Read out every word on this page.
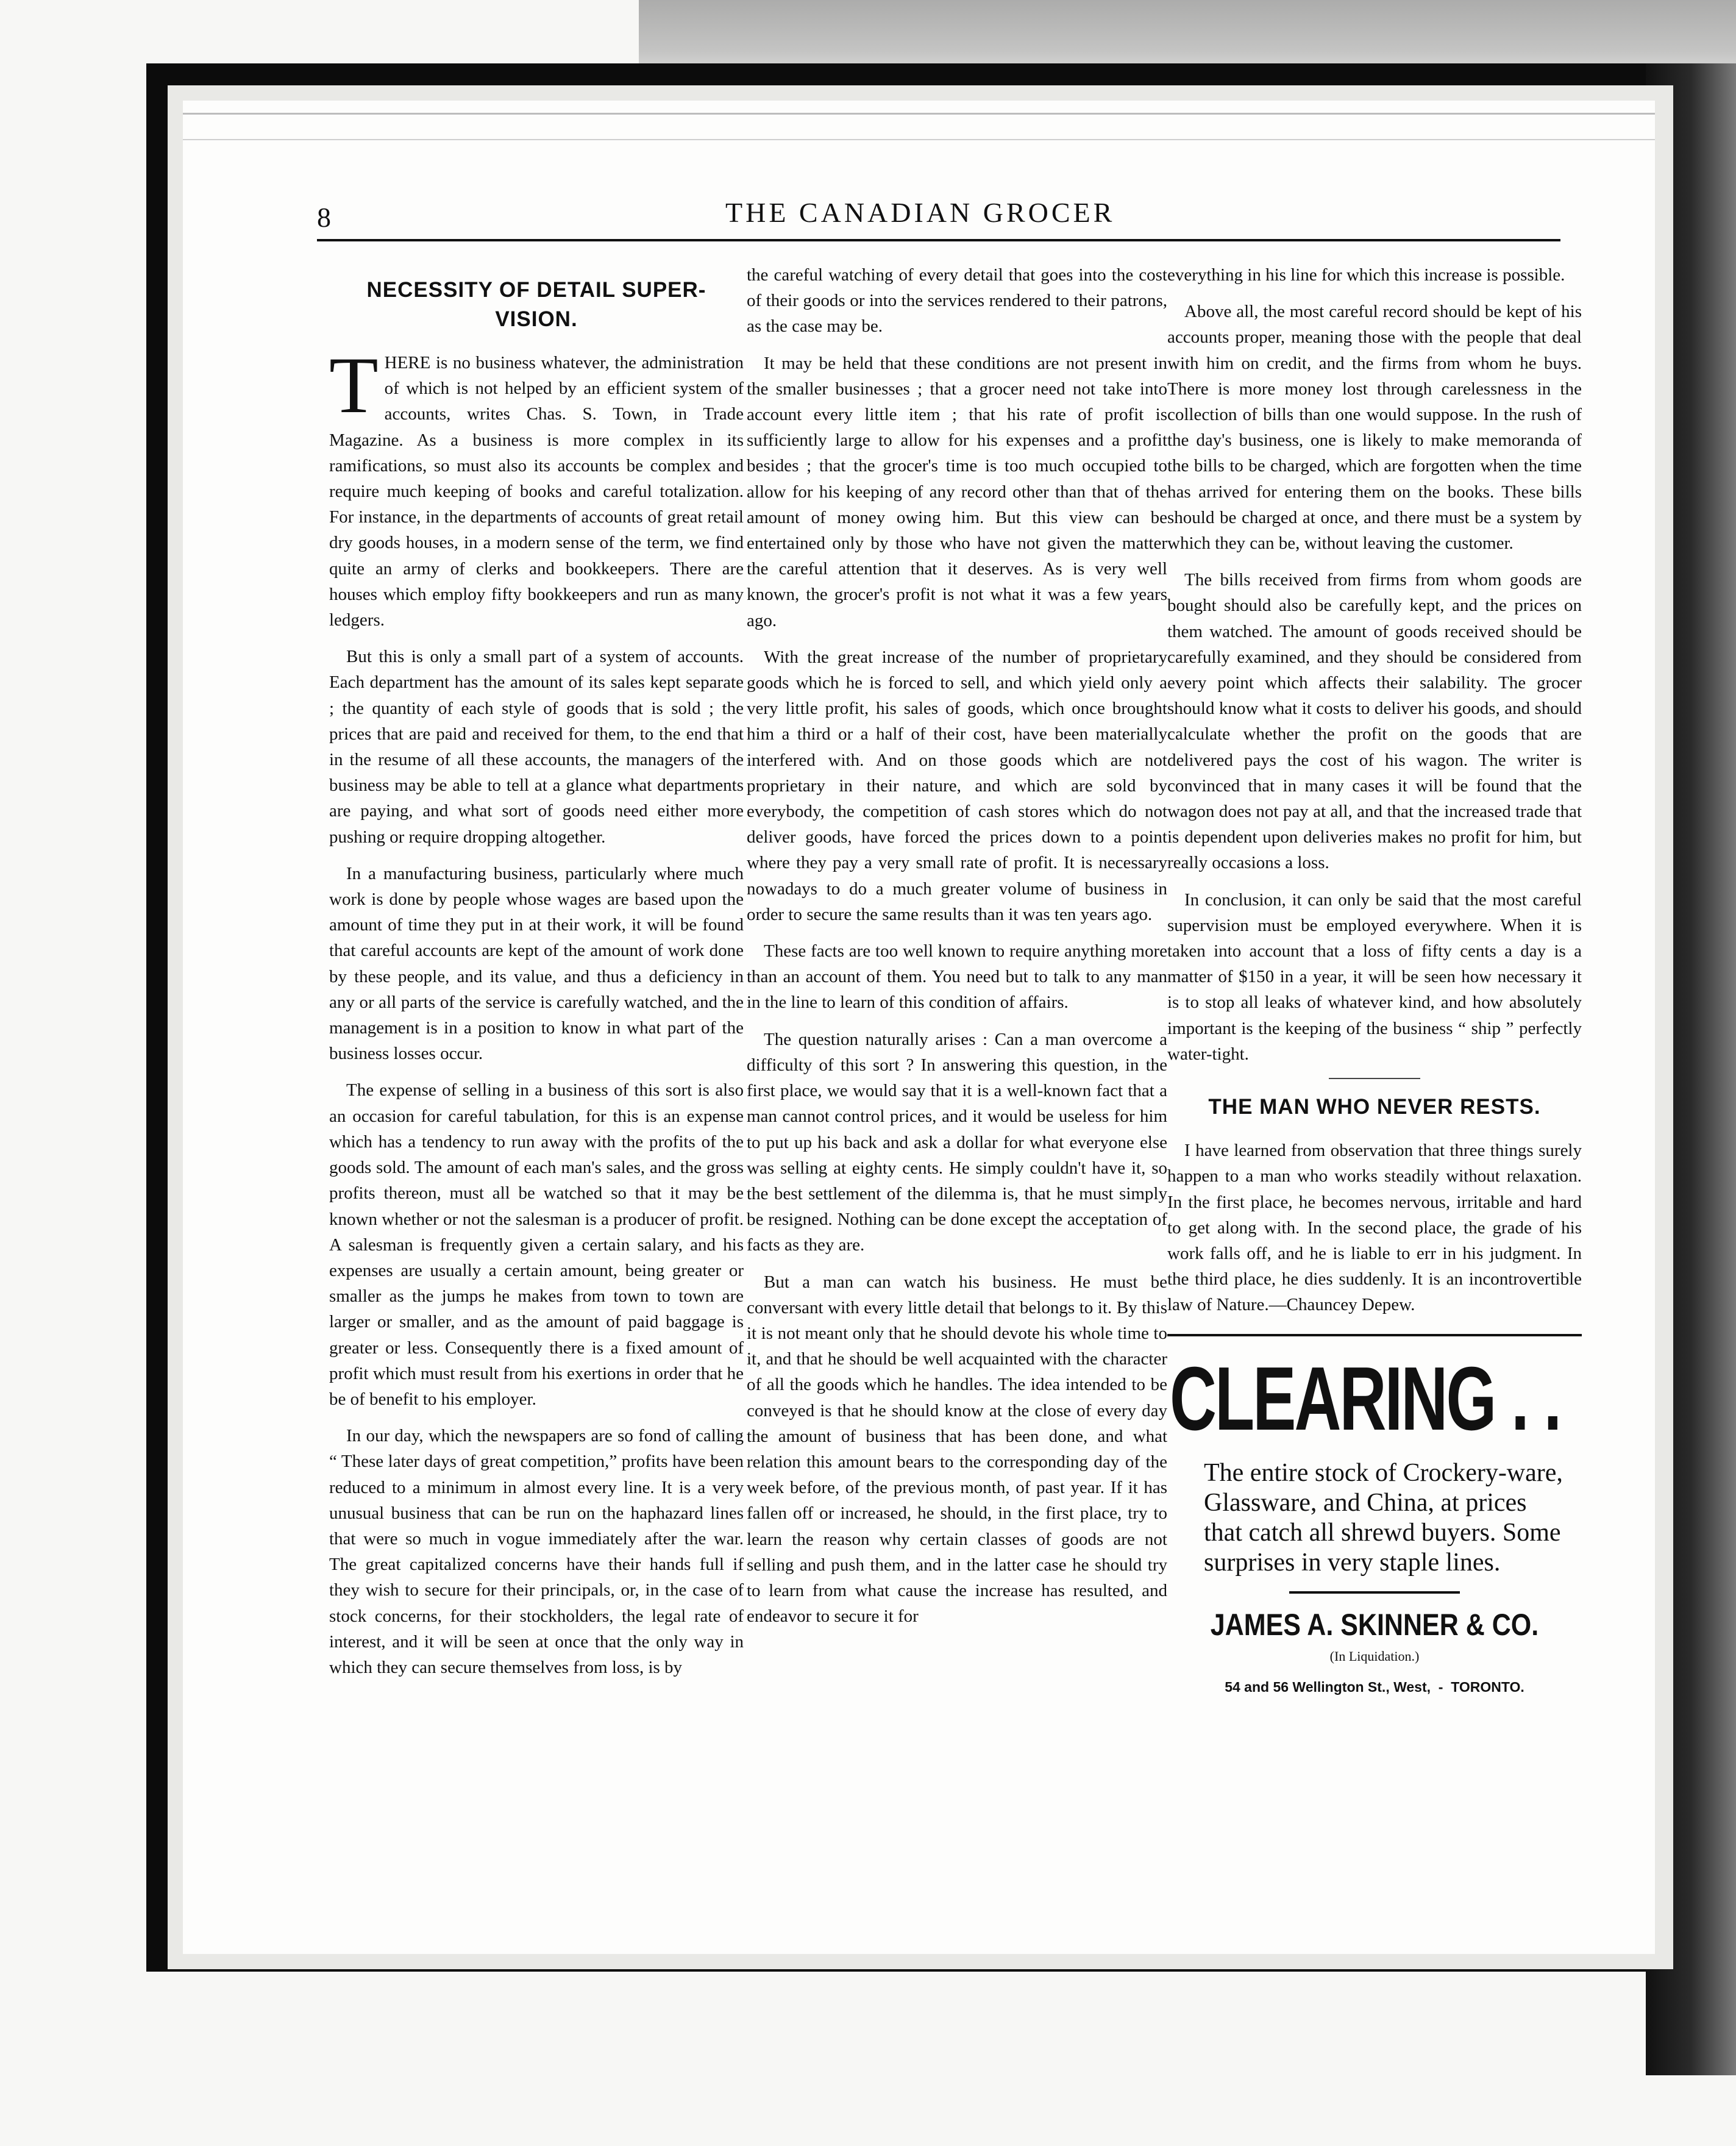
8	THE CANADIAN GROCER
NECESSITY OF DETAIL SUPER-VISION.

THERE is no business whatever, the administration of which is not helped by an efficient system of accounts, writes Chas. S. Town, in Trade Magazine. As a business is more complex in its ramifications, so must also its accounts be complex and require much keeping of books and careful totalization. For instance, in the departments of accounts of great retail dry goods houses, in a modern sense of the term, we find quite an army of clerks and bookkeepers. There are houses which employ fifty bookkeepers and run as many ledgers.

But this is only a small part of a system of accounts. Each department has the amount of its sales kept separate ; the quantity of each style of goods that is sold ; the prices that are paid and received for them, to the end that in the resume of all these accounts, the managers of the business may be able to tell at a glance what departments are paying, and what sort of goods need either more pushing or require dropping altogether.

In a manufacturing business, particularly where much work is done by people whose wages are based upon the amount of time they put in at their work, it will be found that careful accounts are kept of the amount of work done by these people, and its value, and thus a deficiency in any or all parts of the service is carefully watched, and the management is in a position to know in what part of the business losses occur.

The expense of selling in a business of this sort is also an occasion for careful tabulation, for this is an expense which has a tendency to run away with the profits of the goods sold. The amount of each man's sales, and the gross profits thereon, must all be watched so that it may be known whether or not the salesman is a producer of profit. A salesman is frequently given a certain salary, and his expenses are usually a certain amount, being greater or smaller as the jumps he makes from town to town are larger or smaller, and as the amount of paid baggage is greater or less. Consequently there is a fixed amount of profit which must result from his exertions in order that he be of benefit to his employer.

In our day, which the newspapers are so fond of calling “ These later days of great competition,” profits have been reduced to a minimum in almost every line. It is a very unusual business that can be run on the haphazard lines that were so much in vogue immediately after the war. The great capitalized concerns have their hands full if they wish to secure for their principals, or, in the case of stock concerns, for their stockholders, the legal rate of interest, and it will be seen at once that the only way in which they can secure themselves from loss, is by

the careful watching of every detail that goes into the cost of their goods or into the services rendered to their patrons, as the case may be.

It may be held that these conditions are not present in the smaller businesses ; that a grocer need not take into account every little item ; that his rate of profit is sufficiently large to allow for his expenses and a profit besides ; that the grocer's time is too much occupied to allow for his keeping of any record other than that of the amount of money owing him. But this view can be entertained only by those who have not given the matter the careful attention that it deserves. As is very well known, the grocer's profit is not what it was a few years ago.

With the great increase of the number of proprietary goods which he is forced to sell, and which yield only a very little profit, his sales of goods, which once brought him a third or a half of their cost, have been materially interfered with. And on those goods which are not proprietary in their nature, and which are sold by everybody, the competition of cash stores which do not deliver goods, have forced the prices down to a point where they pay a very small rate of profit. It is necessary nowadays to do a much greater volume of business in order to secure the same results than it was ten years ago.

These facts are too well known to require anything more than an account of them. You need but to talk to any man in the line to learn of this condition of affairs.

The question naturally arises : Can a man overcome a difficulty of this sort ? In answering this question, in the first place, we would say that it is a well-known fact that a man cannot control prices, and it would be useless for him to put up his back and ask a dollar for what everyone else was selling at eighty cents. He simply couldn't have it, so the best settlement of the dilemma is, that he must simply be resigned. Nothing can be done except the acceptation of facts as they are.

But a man can watch his business. He must be conversant with every little detail that belongs to it. By this it is not meant only that he should devote his whole time to it, and that he should be well acquainted with the character of all the goods which he handles. The idea intended to be conveyed is that he should know at the close of every day the amount of business that has been done, and what relation this amount bears to the corresponding day of the week before, of the previous month, of past year. If it has fallen off or increased, he should, in the first place, try to learn the reason why certain classes of goods are not selling and push them, and in the latter case he should try to learn from what cause the increase has resulted, and endeavor to secure it for

everything in his line for which this increase is possible.

Above all, the most careful record should be kept of his accounts proper, meaning those with the people that deal with him on credit, and the firms from whom he buys. There is more money lost through carelessness in the collection of bills than one would suppose. In the rush of the day's business, one is likely to make memoranda of the bills to be charged, which are forgotten when the time has arrived for entering them on the books. These bills should be charged at once, and there must be a system by which they can be, without leaving the customer.

The bills received from firms from whom goods are bought should also be carefully kept, and the prices on them watched. The amount of goods received should be carefully examined, and they should be considered from every point which affects their salability. The grocer should know what it costs to deliver his goods, and should calculate whether the profit on the goods that are delivered pays the cost of his wagon. The writer is convinced that in many cases it will be found that the wagon does not pay at all, and that the increased trade that is dependent upon deliveries makes no profit for him, but really occasions a loss.

In conclusion, it can only be said that the most careful supervision must be employed everywhere. When it is taken into account that a loss of fifty cents a day is a matter of $150 in a year, it will be seen how necessary it is to stop all leaks of whatever kind, and how absolutely important is the keeping of the business “ ship ” perfectly water-tight.

THE MAN WHO NEVER RESTS.

I have learned from observation that three things surely happen to a man who works steadily without relaxation. In the first place, he becomes nervous, irritable and hard to get along with. In the second place, the grade of his work falls off, and he is liable to err in his judgment. In the third place, he dies suddenly. It is an incontrovertible law of Nature.—Chauncey Depew.

CLEARING . .
The entire stock of Crockery-ware, Glassware, and China, at prices that catch all shrewd buyers. Some surprises in very staple lines.
JAMES A. SKINNER & CO.
(In Liquidation.)
54 and 56 Wellington St., West,  -  TORONTO.
